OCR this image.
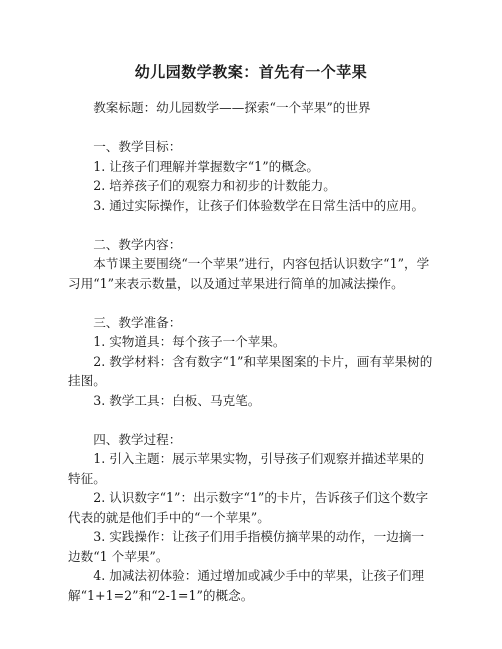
幼儿园数学教案：首先有一个苹果

教案标题：幼儿园数学——探索“一个苹果”的世界

一、教学目标：

1. 让孩子们理解并掌握数字“1”的概念。

2. 培养孩子们的观察力和初步的计数能力。

3. 通过实际操作，让孩子们体验数学在日常生活中的应用。

二、教学内容：

本节课主要围绕“一个苹果”进行，内容包括认识数字“1”，学习用“1”来表示数量，以及通过苹果进行简单的加减法操作。

三、教学准备：

1. 实物道具：每个孩子一个苹果。

2. 教学材料：含有数字“1”和苹果图案的卡片，画有苹果树的挂图。

3. 教学工具：白板、马克笔。

四、教学过程：

1. 引入主题：展示苹果实物，引导孩子们观察并描述苹果的特征。

2. 认识数字“1”：出示数字“1”的卡片，告诉孩子们这个数字代表的就是他们手中的“一个苹果”。

3. 实践操作：让孩子们用手指模仿摘苹果的动作，一边摘一边数“1 个苹果”。

4. 加减法初体验：通过增加或减少手中的苹果，让孩子们理解“1+1=2”和“2-1=1”的概念。
